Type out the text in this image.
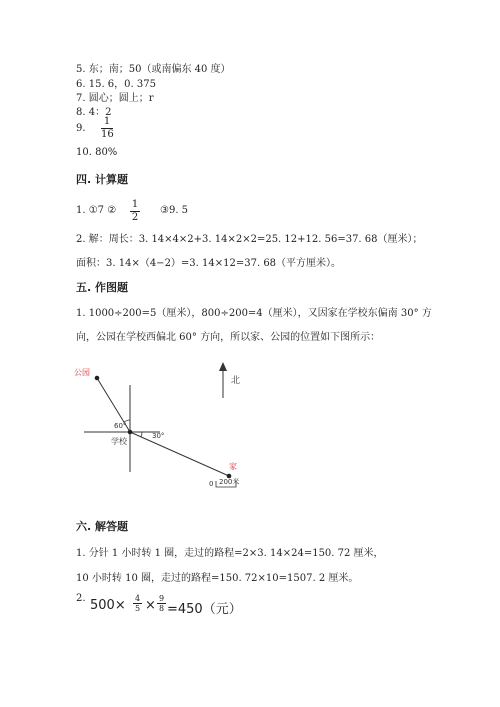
5. 东；南；50（或南偏东 40 度）
6. 15. 6，0. 375
7. 圆心；圆上；r
8. 4：2
9.
1
16
10. 80%
四. 计算题
1. ①7 ②
1
2
③9. 5
2. 解：周长：3. 14×4×2+3. 14×2×2=25. 12+12. 56=37. 68（厘米）；
面积：3. 14×（4−2）=3. 14×12=37. 68（平方厘米）。
五. 作图题
1. 1000÷200=5（厘米），800÷200=4（厘米），又因家在学校东偏南 30° 方
向，公园在学校西偏北 60° 方向，所以家、公园的位置如下图所示：
北
公园
学校
家
60°
30°
0 200米
六. 解答题
1. 分针 1 小时转 1 圈，走过的路程=2×3. 14×24=150. 72 厘米，
10 小时转 10 圈，走过的路程=150. 72×10=1507. 2 厘米。
2. 500× 4
5 × 9
8 =450（元）
